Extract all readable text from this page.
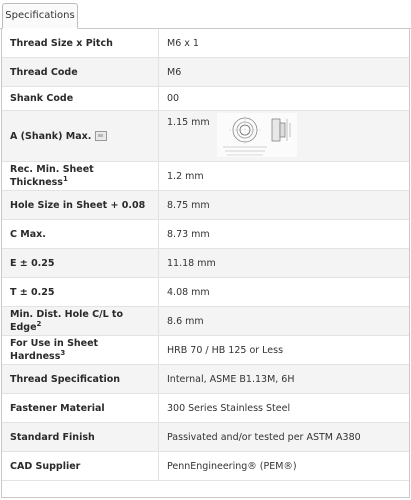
Specifications
Thread Size x Pitch	M6 x 1
Thread Code	M6
Shank Code	00
A (Shank) Max.	1.15 mm

Rec. Min. Sheet Thickness$^1$	1.2 mm
Hole Size in Sheet + 0.08	8.75 mm
C Max.	8.73 mm
E ± 0.25	11.18 mm
T ± 0.25	4.08 mm
Min. Dist. Hole C/L to Edge$^2$	8.6 mm
For Use in Sheet Hardness$^3$	HRB 70 / HB 125 or Less
Thread Specification	Internal, ASME B1.13M, 6H
Fastener Material	300 Series Stainless Steel
Standard Finish	Passivated and/or tested per ASTM A380
CAD Supplier	PennEngineering® (PEM®)
